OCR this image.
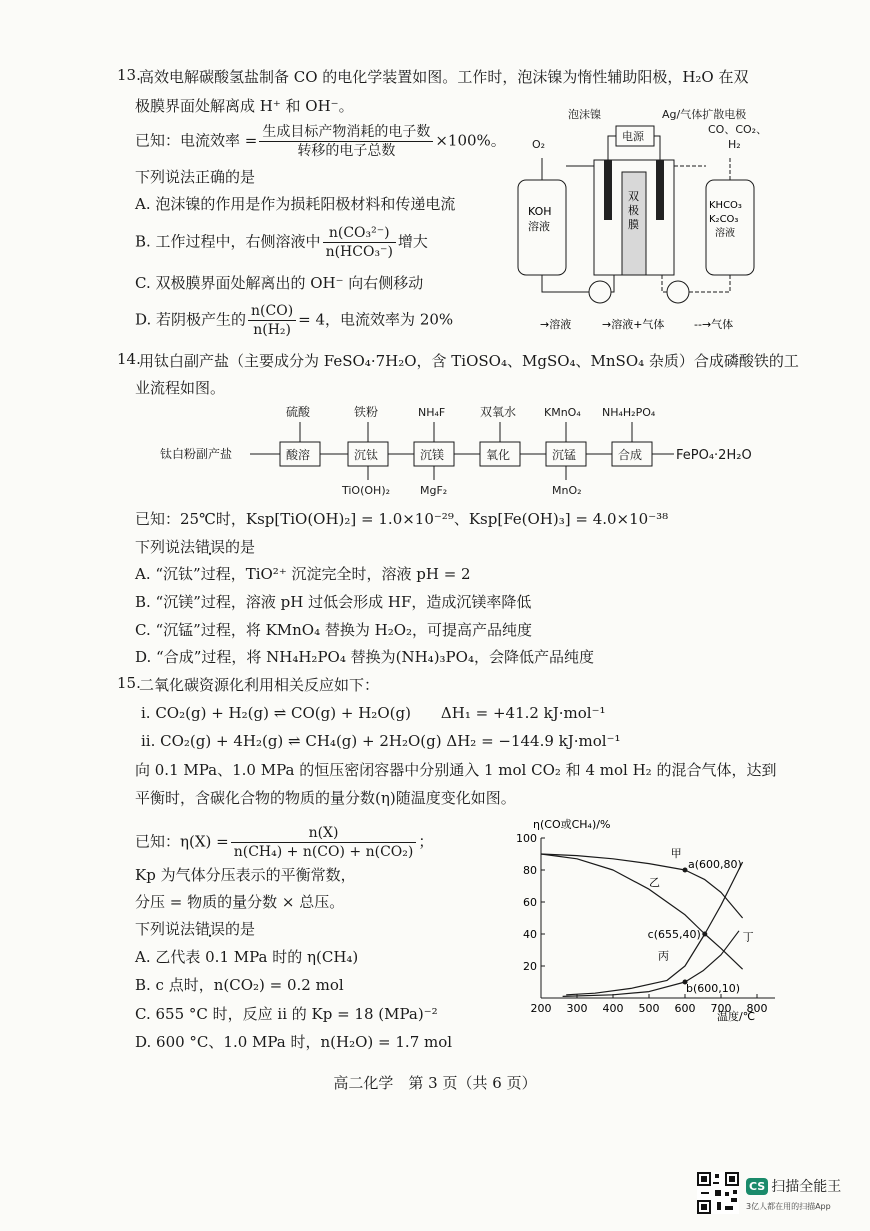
13.
高效电解碳酸氢盐制备 CO 的电化学装置如图。工作时，泡沫镍为惰性辅助阳极，H₂O 在双
极膜界面处解离成 H⁺ 和 OH⁻。
已知：电流效率 = $\frac{\text{生成目标产物消耗的电子数}}{\text{转移的电子总数}} \times 100\%$。
下列说法正确的是
A. 泡沫镍的作用是作为损耗阳极材料和传递电流
B. 工作过程中，右侧溶液中 $\frac{\text{n(CO₃²⁻)}}{\text{n(HCO₃⁻)}}$ 增大
C. 双极膜界面处解离出的 OH⁻ 向右侧移动
D. 若阴极产生的 $\frac{n(CO)}{\text{n(H₂)}} = 4$，电流效率为 20%
泡沫镍
电源
Ag/气体扩散电极
CO、CO₂、
H₂
O₂
KOH
溶液
KHCO₃
K₂CO₃
溶液
双
极
膜
→溶液	→溶液+气体	--→气体
14.
用钛白副产盐（主要成分为 FeSO₄·7H₂O，含 TiOSO₄、MgSO₄、MnSO₄ 杂质）合成磷酸铁的工
业流程如图。
钛白粉副产盐	酸溶	沉钛	沉镁	氧化	沉锰	合成	FePO₄·2H₂O
硫酸	铁粉	NH₄F	双氧水	KMnO₄ NH₄H₂PO₄
TiO(OH)₂	MgF₂	MnO₂
已知：25℃时，Ksp[TiO(OH)₂] = 1.0×10⁻²⁹、Ksp[Fe(OH)₃] = 4.0×10⁻³⁸
下列说法错误的是
A. “沉钛”过程，TiO²⁺ 沉淀完全时，溶液 pH = 2
B. “沉镁”过程，溶液 pH 过低会形成 HF，造成沉镁率降低
C. “沉锰”过程，将 KMnO₄ 替换为 H₂O₂，可提高产品纯度
D. “合成”过程，将 NH₄H₂PO₄ 替换为(NH₄)₃PO₄，会降低产品纯度
15.
二氧化碳资源化利用相关反应如下：
i. CO₂(g) + H₂(g) ⇌ CO(g) + H₂O(g)　　ΔH₁ = +41.2 kJ·mol⁻¹
ii. CO₂(g) + 4H₂(g) ⇌ CH₄(g) + 2H₂O(g) ΔH₂ = −144.9 kJ·mol⁻¹
向 0.1 MPa、1.0 MPa 的恒压密闭容器中分别通入 1 mol CO₂ 和 4 mol H₂ 的混合气体，达到
平衡时，含碳化合物的物质的量分数(η)随温度变化如图。
已知：$\eta(X) = \frac{n(X)}{\text{n(CH₄) + n(CO) + n(CO₂)}}$ ；
Kp 为气体分压表示的平衡常数，
分压 = 物质的量分数 × 总压。
下列说法错误的是
A. 乙代表 0.1 MPa 时的 η(CH₄)
B. c 点时，n(CO₂) = 0.2 mol
C. 655 °C 时，反应 ii 的 Kp = 18 (MPa)⁻²
D. 600 °C、1.0 MPa 时，n(H₂O) = 1.7 mol
η(CO或CH₄)/%
温度/℃
200 300 400 500 600 700 800
20
40
60
80
100
甲
乙
丙
丁
a(600,80)
c(655,40)
b(600,10)
高二化学　第 3 页（共 6 页）
CS 扫描全能王
3亿人都在用的扫描App
